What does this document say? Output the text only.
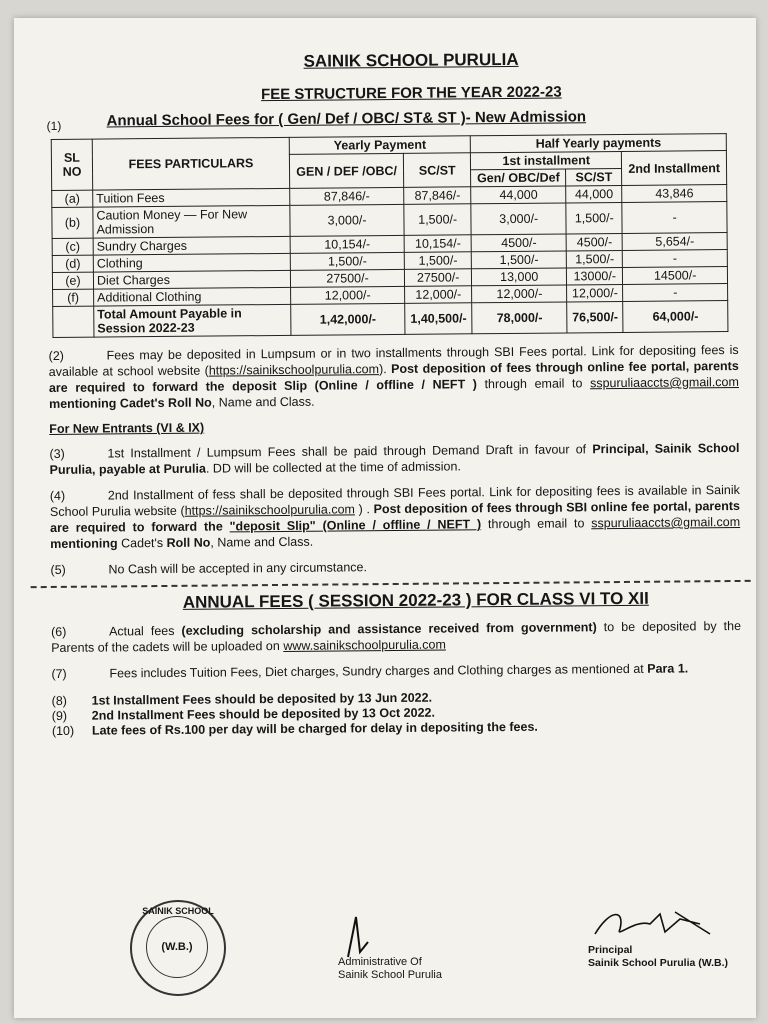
SAINIK SCHOOL PURULIA
FEE STRUCTURE FOR THE YEAR 2022-23
(1)	Annual School Fees for ( Gen/ Def / OBC/ ST& ST )- New Admission
SL NO	FEES PARTICULARS	Yearly Payment		Half Yearly payments		
		GEN / DEF /OBC/	SC/ST	1st installment		2nd Installment
				Gen/ OBC/Def	SC/ST	
(a)	Tuition Fees	87,846/-	87,846/-	44,000	44,000	43,846
(b)	Caution Money — For New Admission	3,000/-	1,500/-	3,000/-	1,500/-	-
(c)	Sundry Charges	10,154/-	10,154/-	4500/-	4500/-	5,654/-
(d)	Clothing	1,500/-	1,500/-	1,500/-	1,500/-	-
(e)	Diet Charges	27500/-	27500/-	13,000	13000/-	14500/-
(f)	Additional Clothing	12,000/-	12,000/-	12,000/-	12,000/-	-
	Total Amount Payable in Session 2022-23	1,42,000/-	1,40,500/-	78,000/-	76,500/-	64,000/-
(2)	Fees may be deposited in Lumpsum or in two installments through SBI Fees portal. Link for depositing fees is available at school website (https://sainikschoolpurulia.com). Post deposition of fees through online fee portal, parents are required to forward the deposit Slip (Online / offline / NEFT ) through email to sspuruliaaccts@gmail.com mentioning Cadet's Roll No, Name and Class.
For New Entrants (VI & IX)
(3)	1st Installment / Lumpsum Fees shall be paid through Demand Draft in favour of Principal, Sainik School Purulia, payable at Purulia. DD will be collected at the time of admission.
(4)	2nd Installment of fess shall be deposited through SBI Fees portal. Link for depositing fees is available in Sainik School Purulia website (https://sainikschoolpurulia.com ) . Post deposition of fees through SBI online fee portal, parents are required to forward the "deposit Slip" (Online / offline / NEFT ) through email to sspuruliaaccts@gmail.com mentioning Cadet's Roll No, Name and Class.
(5)	No Cash will be accepted in any circumstance.
ANNUAL FEES ( SESSION 2022-23 ) FOR CLASS VI TO XII
(6)	Actual fees (excluding scholarship and assistance received from government) to be deposited by the Parents of the cadets will be uploaded on www.sainikschoolpurulia.com
(7)	Fees includes Tuition Fees, Diet charges, Sundry charges and Clothing charges as mentioned at Para 1.
(8)	1st Installment Fees should be deposited by 13 Jun 2022.
(9)	2nd Installment Fees should be deposited by 13 Oct 2022.
(10)	Late fees of Rs.100 per day will be charged for delay in depositing the fees.
SAINIK SCHOOL
(W.B.)
Administrative Of
Sainik School Purulia
Principal
Sainik School Purulia (W.B.)
